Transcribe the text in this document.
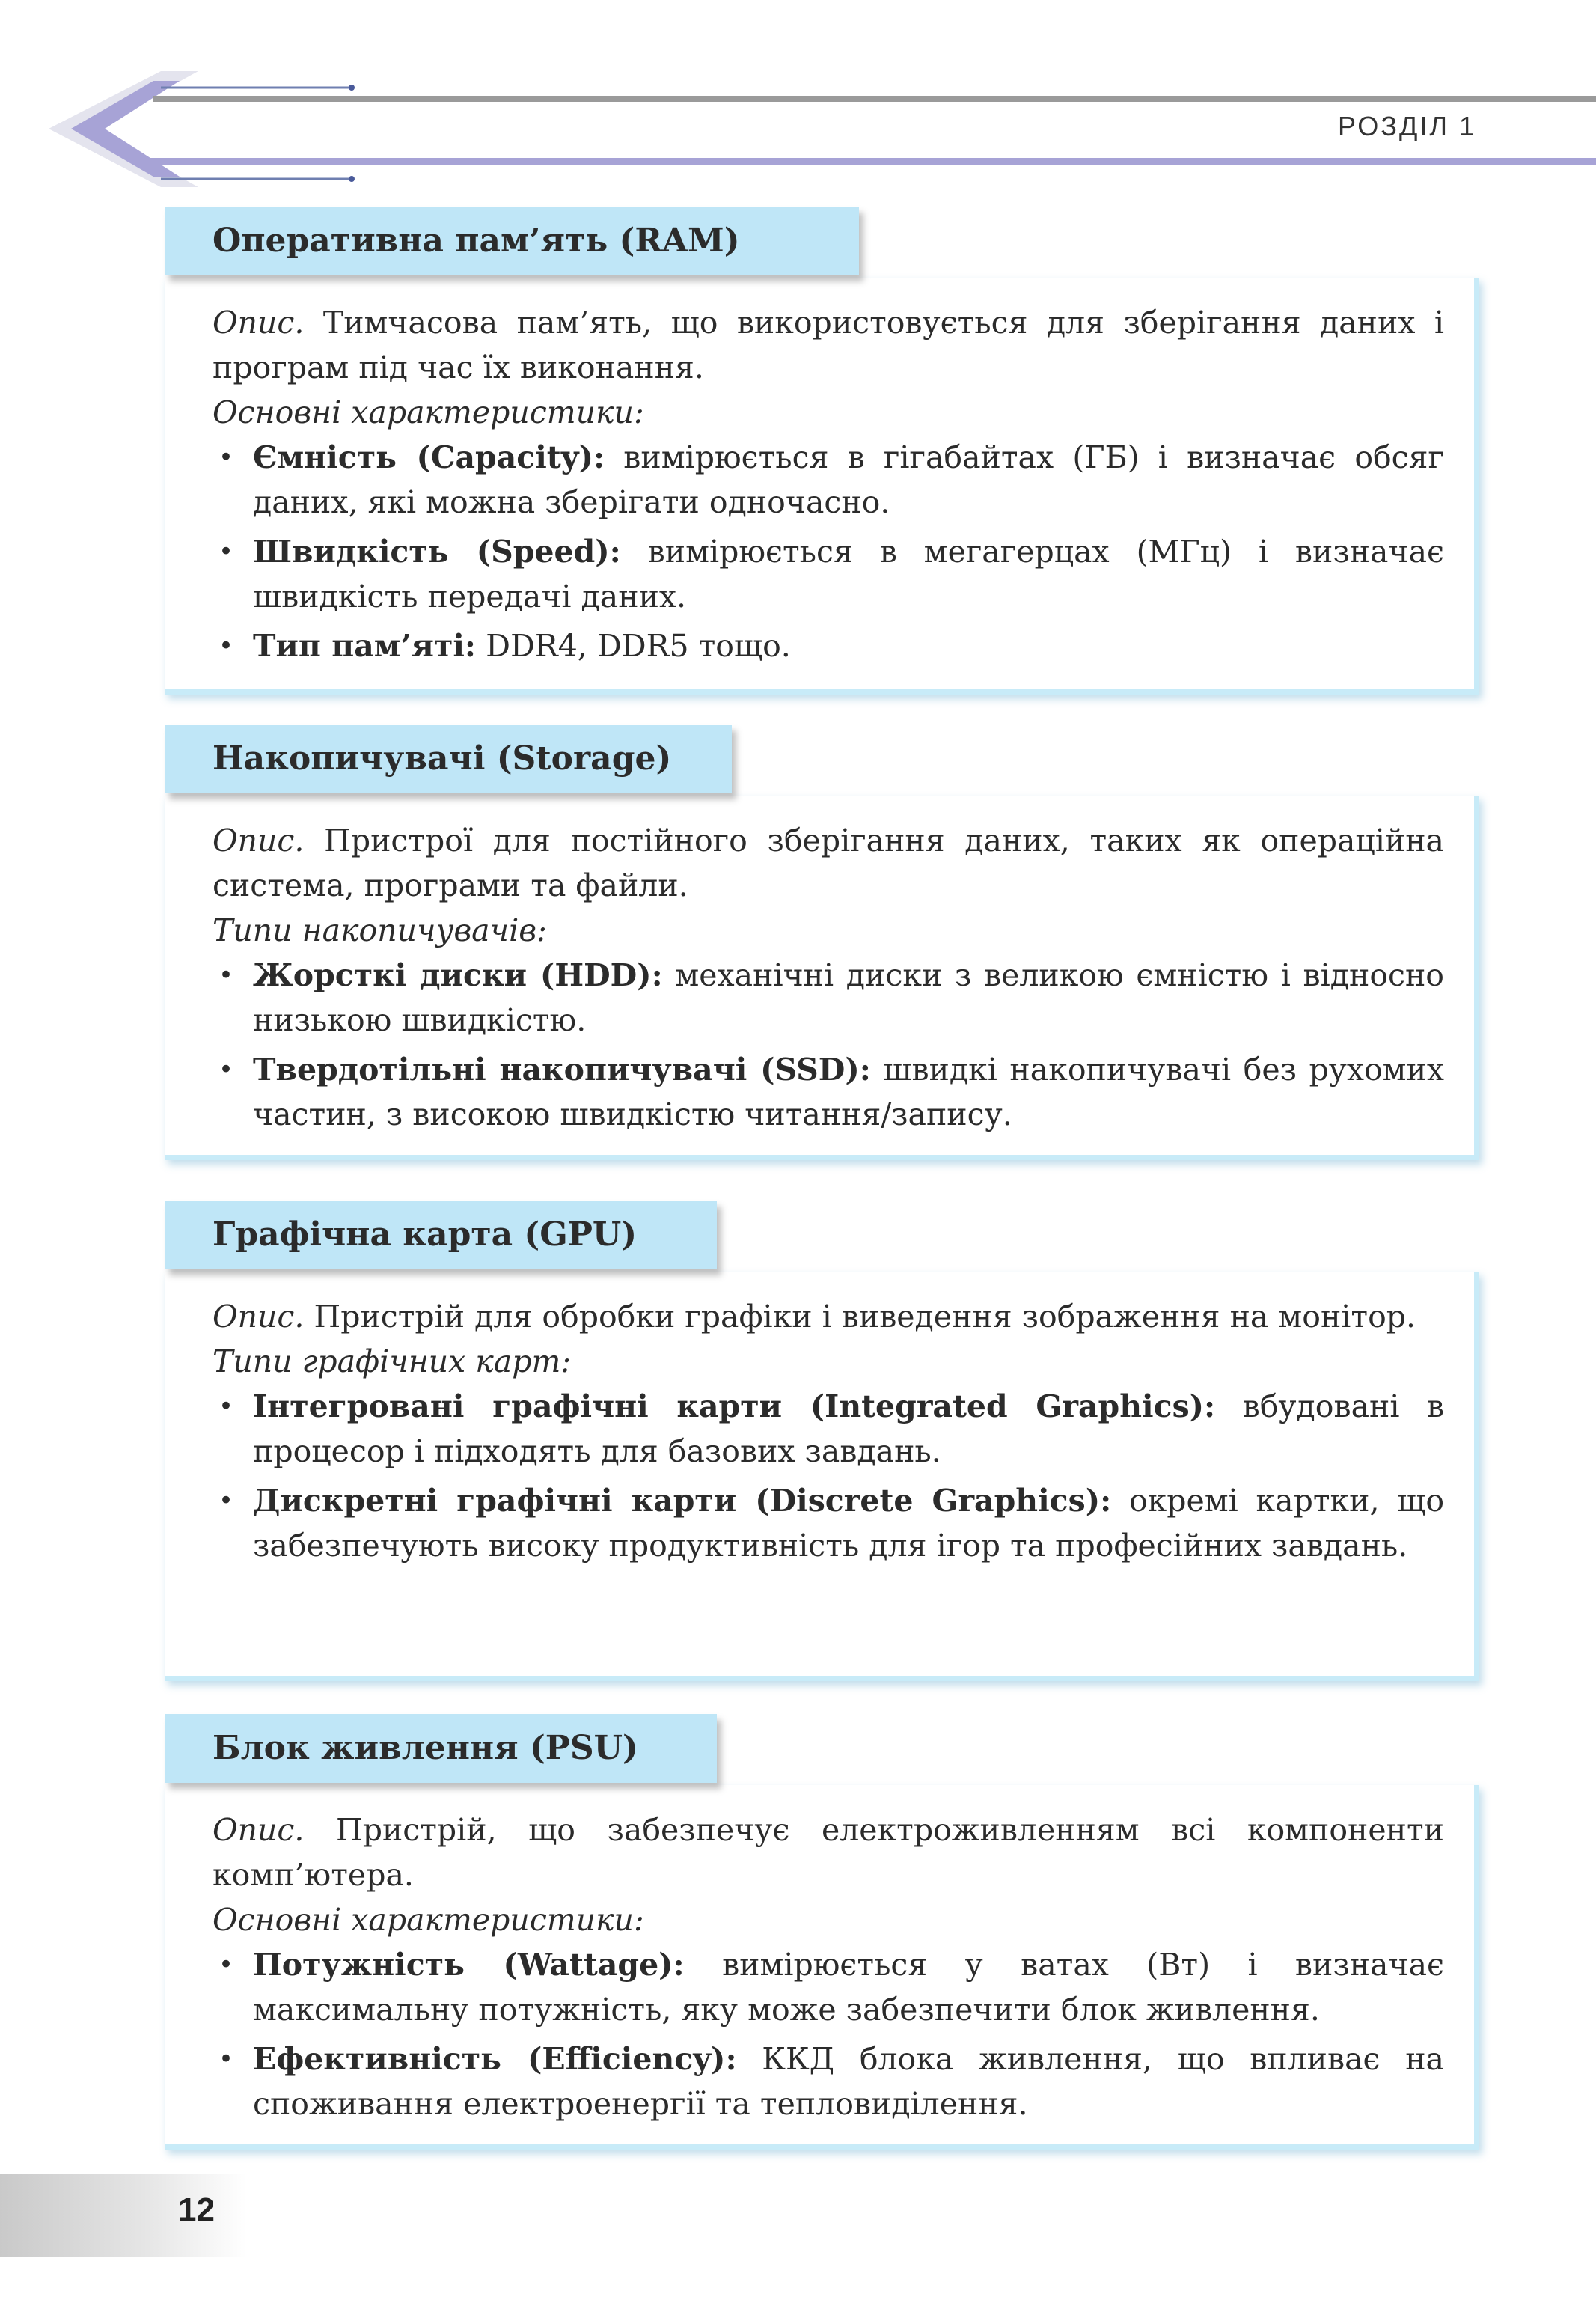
РОЗДІЛ 1
Оперативна пам’ять (RAM)
Опис. Тимчасова пам’ять, що використовується для зберігання даних і програм під час їх виконання.
Основні характеристики:
• Ємність (Capacity): вимірюється в гігабайтах (ГБ) і визначає обсяг даних, які можна зберігати одночасно.
• Швидкість (Speed): вимірюється в мегагерцах (МГц) і визначає швидкість передачі даних.
• Тип пам’яті: DDR4, DDR5 тощо.
Накопичувачі (Storage)
Опис. Пристрої для постійного зберігання даних, таких як операційна система, програми та файли.
Типи накопичувачів:
• Жорсткі диски (HDD): механічні диски з великою ємністю і відносно низькою швидкістю.
• Твердотільні накопичувачі (SSD): швидкі накопичувачі без рухомих частин, з високою швидкістю читання/запису.
Графічна карта (GPU)
Опис. Пристрій для обробки графіки і виведення зображення на монітор.
Типи графічних карт:
• Інтегровані графічні карти (Integrated Graphics): вбудовані в процесор і підходять для базових завдань.
• Дискретні графічні карти (Discrete Graphics): окремі картки, що забезпечують високу продуктивність для ігор та професійних завдань.
Блок живлення (PSU)
Опис. Пристрій, що забезпечує електроживленням всі компоненти комп’ютера.
Основні характеристики:
• Потужність (Wattage): вимірюється у ватах (Вт) і визначає максимальну потужність, яку може забезпечити блок живлення.
• Ефективність (Efficiency): ККД блока живлення, що впливає на споживання електроенергії та тепловиділення.
12
